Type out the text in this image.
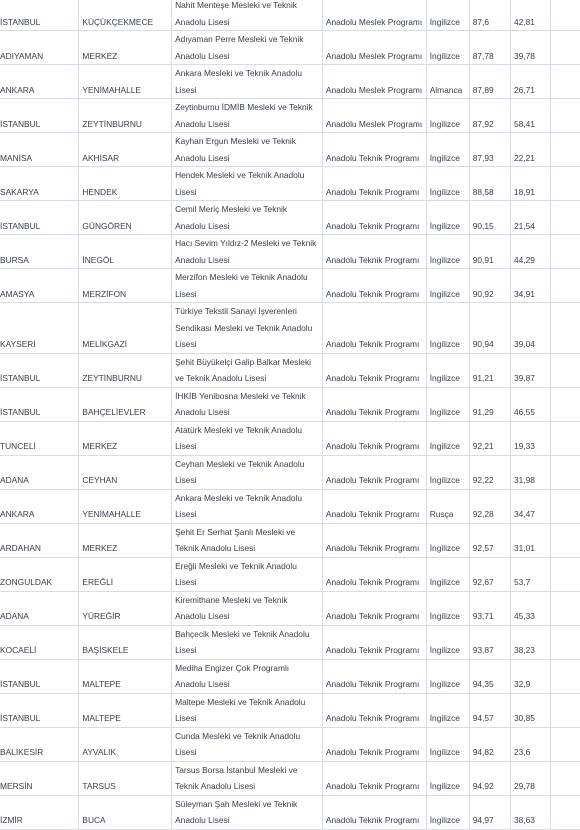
İSTANBUL	KÜÇÜKÇEKMECE	Nahit Menteşe Mesleki ve Teknik Anadolu Lisesi	Anadolu Meslek Programı	İngilizce	87,6	42,81	
ADIYAMAN	MERKEZ	Adıyaman Perre Mesleki ve Teknik Anadolu Lisesi	Anadolu Meslek Programı	İngilizce	87,78	39,78	
ANKARA	YENİMAHALLE	Ankara Mesleki ve Teknik Anadolu Lisesi	Anadolu Meslek Programı	Almanca	87,89	26,71	
İSTANBUL	ZEYTİNBURNU	Zeytinburnu İDMİB Mesleki ve Teknik Anadolu Lisesi	Anadolu Meslek Programı	İngilizce	87,92	58,41	
MANİSA	AKHİSAR	Kayhan Ergun Mesleki ve Teknik Anadolu Lisesi	Anadolu Teknik Programı	İngilizce	87,93	22,21	
SAKARYA	HENDEK	Hendek Mesleki ve Teknik Anadolu Lisesi	Anadolu Teknik Programı	İngilizce	88,58	18,91	
İSTANBUL	GÜNGÖREN	Cemil Meriç Mesleki ve Teknik Anadolu Lisesi	Anadolu Teknik Programı	İngilizce	90,15	21,54	
BURSA	İNEGÖL	Hacı Sevim Yıldız-2 Mesleki ve Teknik Anadolu Lisesi	Anadolu Teknik Programı	İngilizce	90,91	44,29	
AMASYA	MERZİFON	Merzifon Mesleki ve Teknik Anadolu Lisesi	Anadolu Teknik Programı	İngilizce	90,92	34,91	
KAYSERİ	MELİKGAZİ	Türkiye Tekstil Sanayi İşverenleri Sendikası Mesleki ve Teknik Anadolu Lisesi	Anadolu Teknik Programı	İngilizce	90,94	39,04	
İSTANBUL	ZEYTİNBURNU	Şehit Büyükelçi Galip Balkar Mesleki ve Teknik Anadolu Lisesi	Anadolu Teknik Programı	İngilizce	91,21	39,87	
İSTANBUL	BAHÇELİEVLER	İHKİB Yenibosna Mesleki ve Teknik Anadolu Lisesi	Anadolu Teknik Programı	İngilizce	91,29	46,55	
TUNCELİ	MERKEZ	Atatürk Mesleki ve Teknik Anadolu Lisesi	Anadolu Teknik Programı	İngilizce	92,21	19,33	
ADANA	CEYHAN	Ceyhan Mesleki ve Teknik Anadolu Lisesi	Anadolu Teknik Programı	İngilizce	92,22	31,98	
ANKARA	YENİMAHALLE	Ankara Mesleki ve Teknik Anadolu Lisesi	Anadolu Teknik Programı	Rusça	92,28	34,47	
ARDAHAN	MERKEZ	Şehit Er Serhat Şanlı Mesleki ve Teknik Anadolu Lisesi	Anadolu Teknik Programı	İngilizce	92,57	31,01	
ZONGULDAK	EREĞLİ	Ereğli Mesleki ve Teknik Anadolu Lisesi	Anadolu Teknik Programı	İngilizce	92,67	53,7	
ADANA	YÜREĞİR	Kiremithane Mesleki ve Teknik Anadolu Lisesi	Anadolu Teknik Programı	İngilizce	93,71	45,33	
KOCAELİ	BAŞİSKELE	Bahçecik Mesleki ve Teknik Anadolu Lisesi	Anadolu Teknik Programı	İngilizce	93,87	38,23	
İSTANBUL	MALTEPE	Mediha Engizer Çok Programlı Anadolu Lisesi	Anadolu Teknik Programı	İngilizce	94,35	32,9	
İSTANBUL	MALTEPE	Maltepe Mesleki ve Teknik Anadolu Lisesi	Anadolu Teknik Programı	İngilizce	94,57	30,85	
BALIKESİR	AYVALIK	Cunda Mesleki ve Teknik Anadolu Lisesi	Anadolu Teknik Programı	İngilizce	94,82	23,6	
MERSİN	TARSUS	Tarsus Borsa İstanbul Mesleki ve Teknik Anadolu Lisesi	Anadolu Teknik Programı	İngilizce	94,92	29,78	
İZMİR	BUCA	Süleyman Şah Mesleki ve Teknik Anadolu Lisesi	Anadolu Teknik Programı	İngilizce	94,97	38,63	
